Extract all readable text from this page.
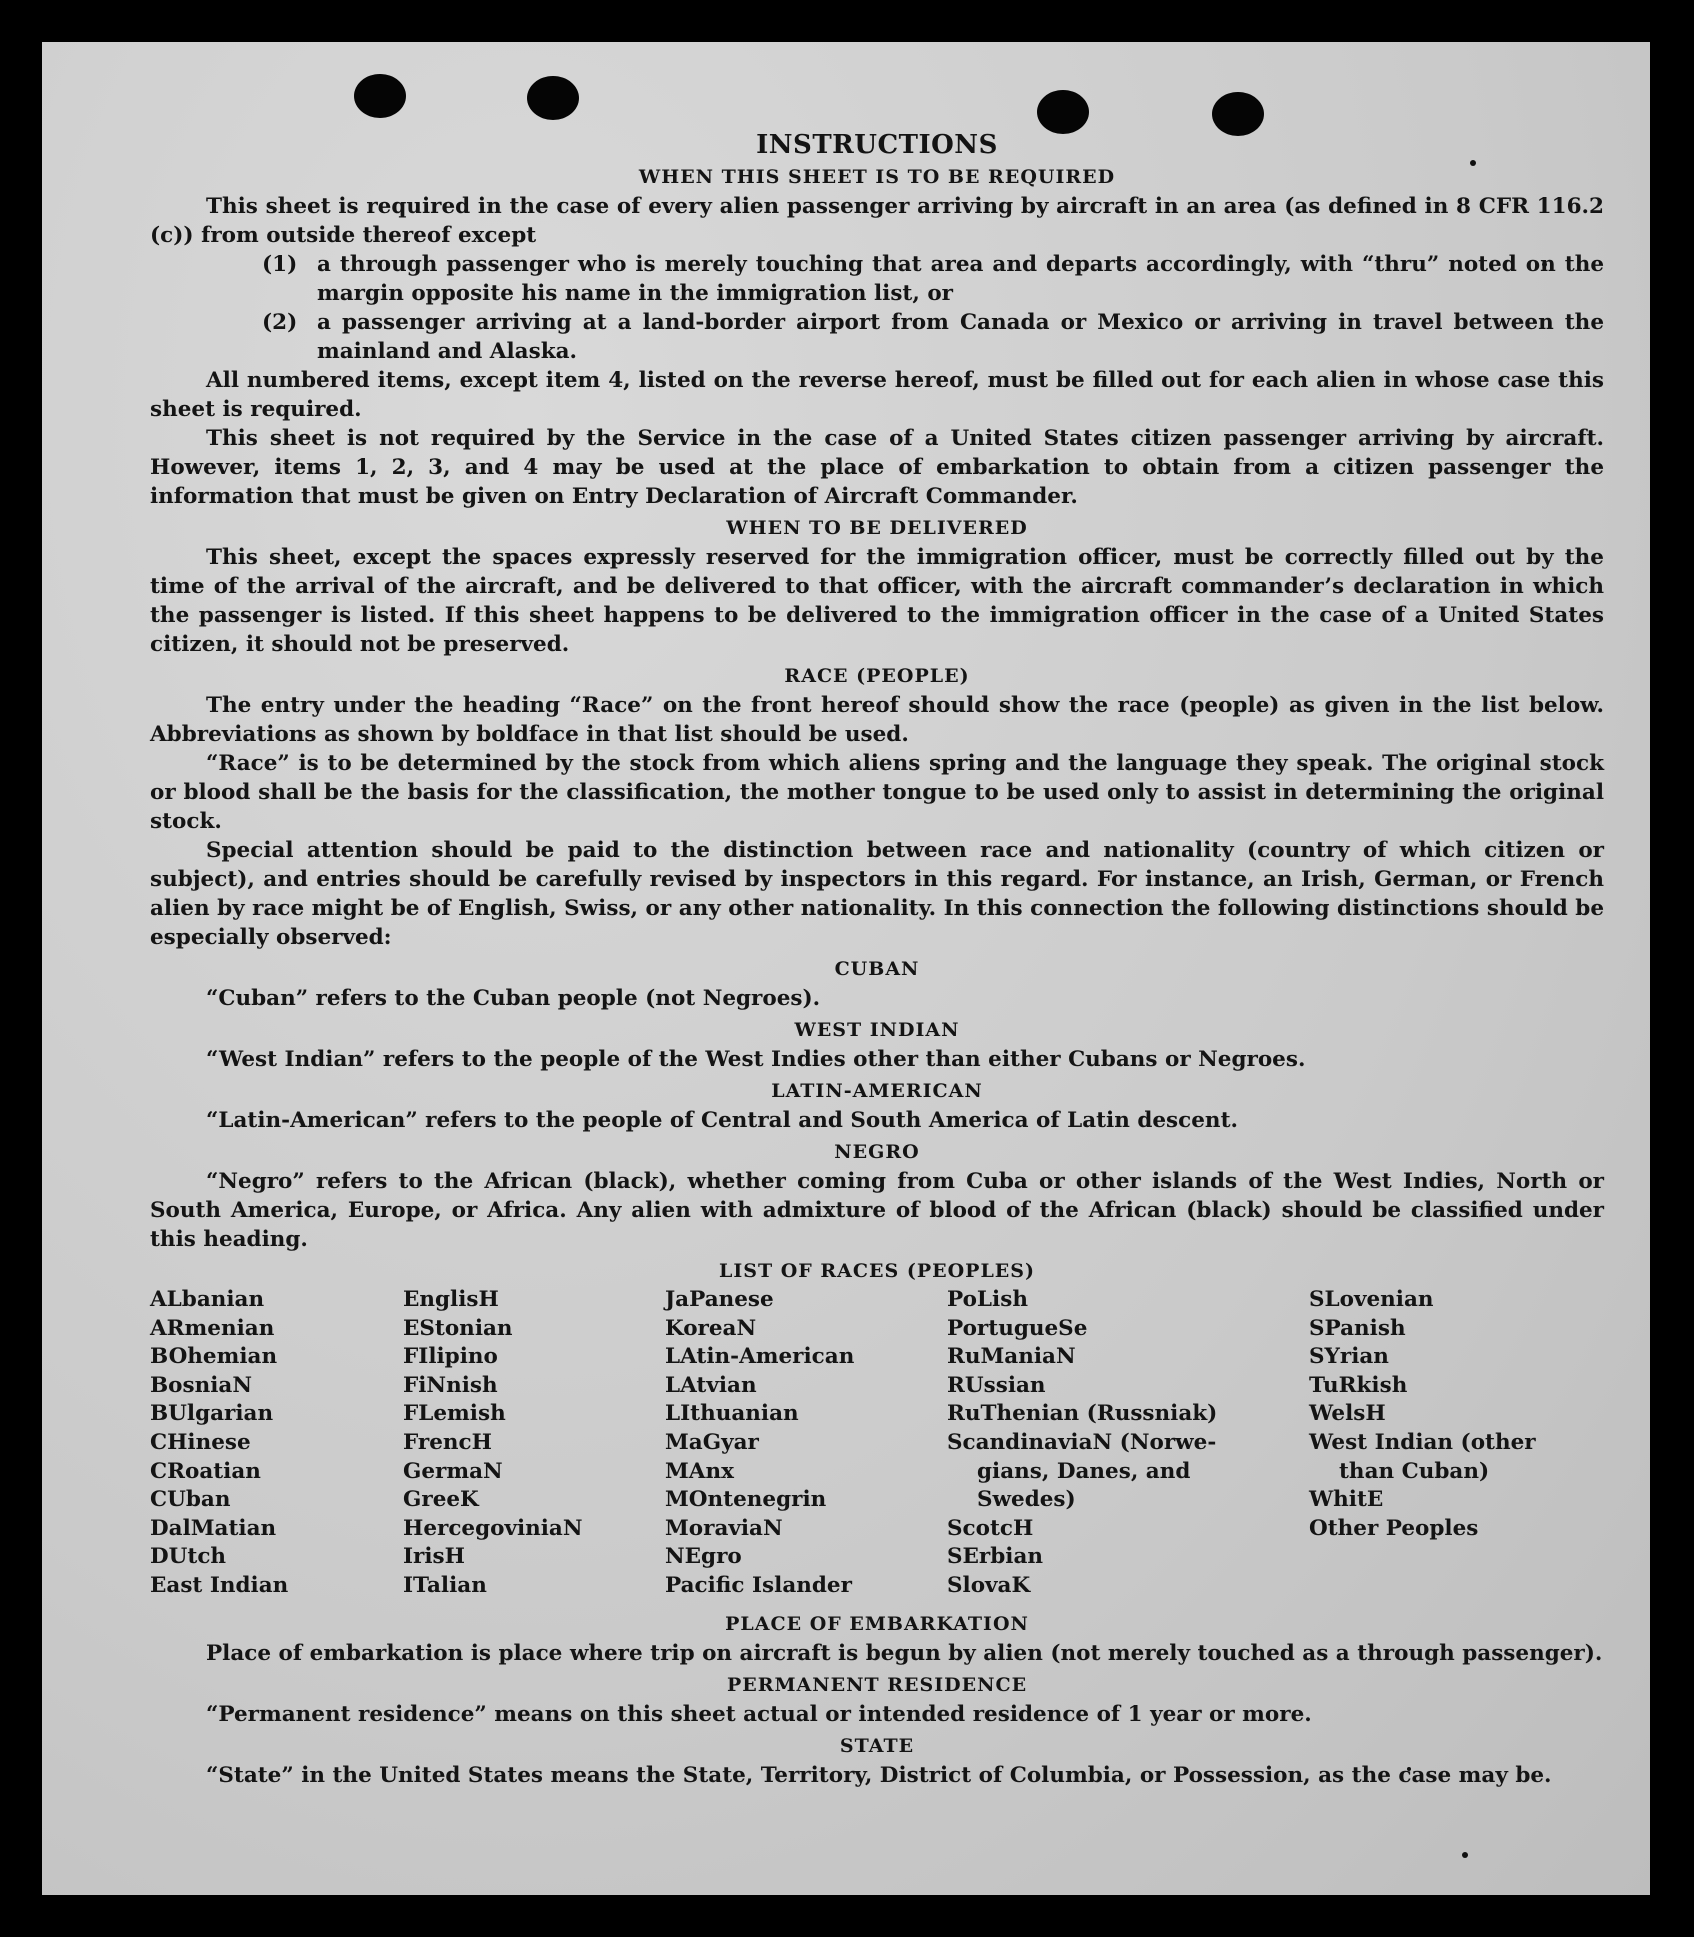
INSTRUCTIONS
WHEN THIS SHEET IS TO BE REQUIRED

This sheet is required in the case of every alien passenger arriving by aircraft in an area (as defined in 8 CFR 116.2 (c)) from outside thereof except

(1) a through passenger who is merely touching that area and departs accordingly, with “thru” noted on the margin opposite his name in the immigration list, or
(2) a passenger arriving at a land-border airport from Canada or Mexico or arriving in travel between the mainland and Alaska.

All numbered items, except item 4, listed on the reverse hereof, must be filled out for each alien in whose case this sheet is required.

This sheet is not required by the Service in the case of a United States citizen passenger arriving by aircraft. However, items 1, 2, 3, and 4 may be used at the place of embarkation to obtain from a citizen passenger the information that must be given on Entry Declaration of Aircraft Commander.

WHEN TO BE DELIVERED

This sheet, except the spaces expressly reserved for the immigration officer, must be correctly filled out by the time of the arrival of the aircraft, and be delivered to that officer, with the aircraft commander’s declaration in which the passenger is listed. If this sheet happens to be delivered to the immigration officer in the case of a United States citizen, it should not be preserved.

RACE (PEOPLE)

The entry under the heading “Race” on the front hereof should show the race (people) as given in the list below. Abbreviations as shown by boldface in that list should be used.

“Race” is to be determined by the stock from which aliens spring and the language they speak. The original stock or blood shall be the basis for the classification, the mother tongue to be used only to assist in determining the original stock.

Special attention should be paid to the distinction between race and nationality (country of which citizen or subject), and entries should be carefully revised by inspectors in this regard. For instance, an Irish, German, or French alien by race might be of English, Swiss, or any other nationality. In this connection the following distinctions should be especially observed:

CUBAN

“Cuban” refers to the Cuban people (not Negroes).

WEST INDIAN

“West Indian” refers to the people of the West Indies other than either Cubans or Negroes.

LATIN-AMERICAN

“Latin-American” refers to the people of Central and South America of Latin descent.

NEGRO

“Negro” refers to the African (black), whether coming from Cuba or other islands of the West Indies, North or South America, Europe, or Africa. Any alien with admixture of blood of the African (black) should be classified under this heading.

LIST OF RACES (PEOPLES)
ALbanian
ARmenian
BOhemian
BosniaN
BUlgarian
CHinese
CRoatian
CUban
DalMatian
DUtch
East Indian
EnglisH
EStonian
FIlipino
FiNnish
FLemish
FrencH
GermaN
GreeK
HercegoviniaN
IrisH
ITalian
JaPanese
KoreaN
LAtin-American
LAtvian
LIthuanian
MaGyar
MAnx
MOntenegrin
MoraviaN
NEgro
Pacific Islander
PoLish
PortugueSe
RuManiaN
RUssian
RuThenian (Russniak)
ScandinaviaN (Norwe-
gians, Danes, and
Swedes)
ScotcH
SErbian
SlovaK
SLovenian
SPanish
SYrian
TuRkish
WelsH
West Indian (other
than Cuban)
WhitE
Other Peoples
PLACE OF EMBARKATION

Place of embarkation is place where trip on aircraft is begun by alien (not merely touched as a through passenger).

PERMANENT RESIDENCE

“Permanent residence” means on this sheet actual or intended residence of 1 year or more.

STATE

“State” in the United States means the State, Territory, District of Columbia, or Possession, as the case may be.
